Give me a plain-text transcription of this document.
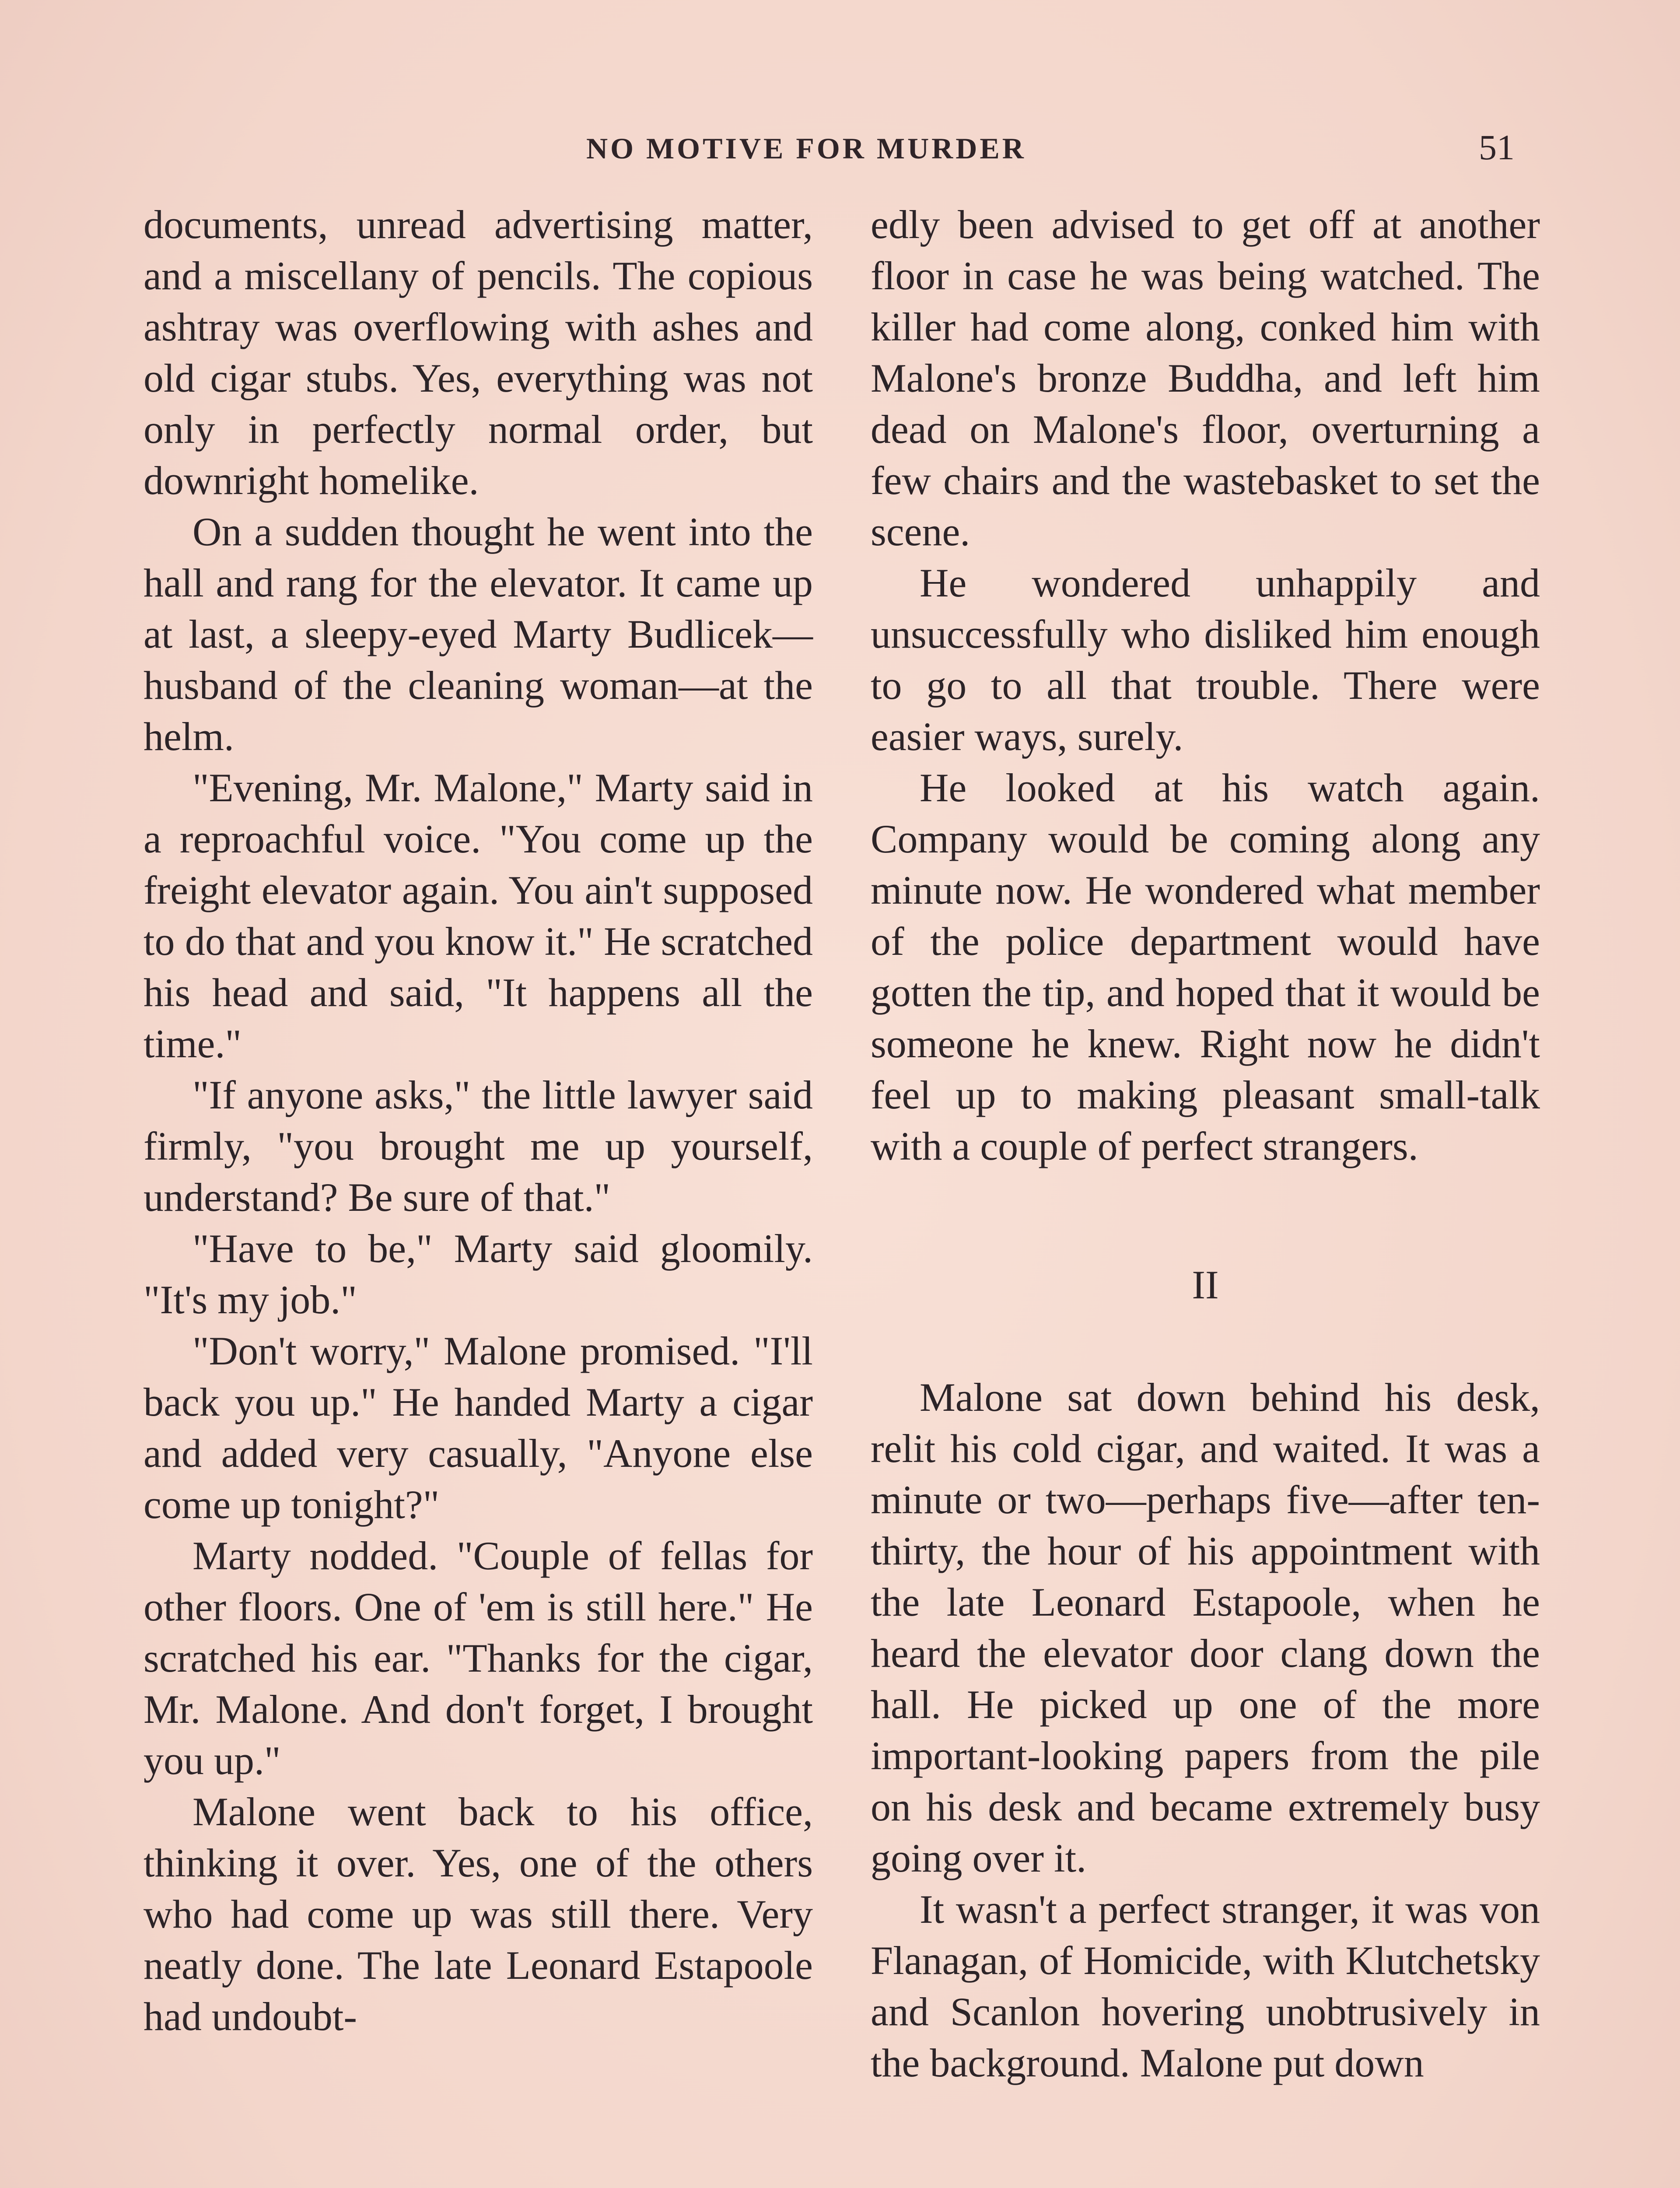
NO MOTIVE FOR MURDER	51

documents, unread advertising matter, and a miscellany of pencils. The copious ashtray was overflowing with ashes and old cigar stubs. Yes, everything was not only in perfectly normal order, but downright homelike.

On a sudden thought he went into the hall and rang for the elevator. It came up at last, a sleepy-eyed Marty Budlicek—husband of the cleaning woman—at the helm.

"Evening, Mr. Malone," Marty said in a reproachful voice. "You come up the freight elevator again. You ain't supposed to do that and you know it." He scratched his head and said, "It happens all the time."

"If anyone asks," the little lawyer said firmly, "you brought me up yourself, understand? Be sure of that."

"Have to be," Marty said gloomily. "It's my job."

"Don't worry," Malone promised. "I'll back you up." He handed Marty a cigar and added very casually, "Anyone else come up tonight?"

Marty nodded. "Couple of fellas for other floors. One of 'em is still here." He scratched his ear. "Thanks for the cigar, Mr. Malone. And don't forget, I brought you up."

Malone went back to his office, thinking it over. Yes, one of the others who had come up was still there. Very neatly done. The late Leonard Estapoole had undoubt-

edly been advised to get off at another floor in case he was being watched. The killer had come along, conked him with Malone's bronze Buddha, and left him dead on Malone's floor, overturning a few chairs and the wastebasket to set the scene.

He wondered unhappily and unsuccessfully who disliked him enough to go to all that trouble. There were easier ways, surely.

He looked at his watch again. Company would be coming along any minute now. He wondered what member of the police department would have gotten the tip, and hoped that it would be someone he knew. Right now he didn't feel up to making pleasant small-talk with a couple of perfect strangers.

II

Malone sat down behind his desk, relit his cold cigar, and waited. It was a minute or two—perhaps five—after ten-thirty, the hour of his appointment with the late Leonard Estapoole, when he heard the elevator door clang down the hall. He picked up one of the more important-looking papers from the pile on his desk and became extremely busy going over it.

It wasn't a perfect stranger, it was von Flanagan, of Homicide, with Klutchetsky and Scanlon hovering unobtrusively in the background. Malone put down
